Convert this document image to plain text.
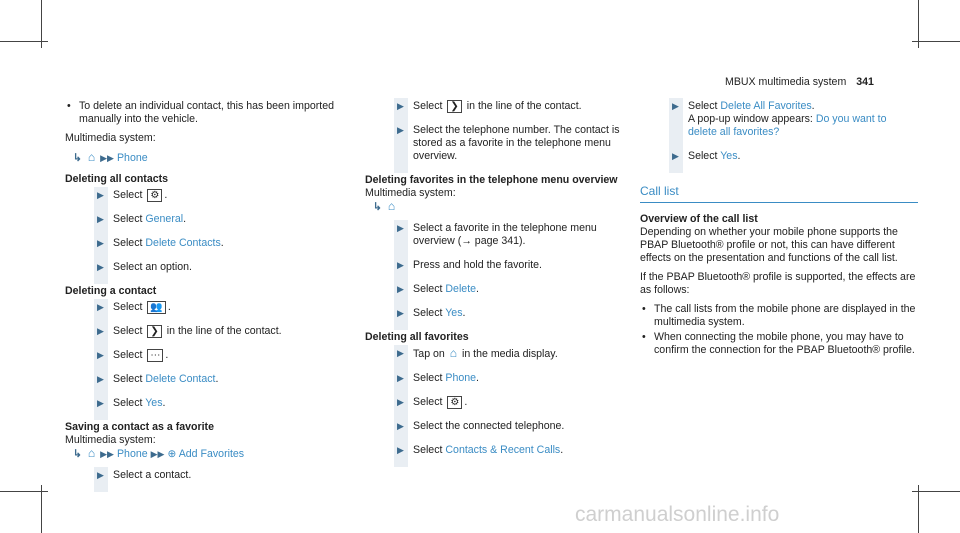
MBUX multimedia system 341
• To delete an individual contact, this has been imported manually into the vehicle.
Multimedia system:
↳ ⌂ ▶▶ Phone
Deleting all contacts
▶ Select ⚙ .
▶ Select General.
▶ Select Delete Contacts.
▶ Select an option.
Deleting a contact
▶ Select 👥 .
▶ Select ❯ in the line of the contact.
▶ Select ⋯ .
▶ Select Delete Contact.
▶ Select Yes.
Saving a contact as a favorite
Multimedia system:
↳ ⌂ ▶▶ Phone ▶▶ ⊕ Add Favorites
▶ Select a contact.
▶ Select ❯ in the line of the contact.
▶ Select the telephone number. The contact is stored as a favorite in the telephone menu overview.
Deleting favorites in the telephone menu overview
Multimedia system:
↳ ⌂
▶ Select a favorite in the telephone menu overview (→ page 341).
▶ Press and hold the favorite.
▶ Select Delete.
▶ Select Yes.
Deleting all favorites
▶ Tap on ⌂ in the media display.
▶ Select Phone.
▶ Select ⚙ .
▶ Select the connected telephone.
▶ Select Contacts & Recent Calls.
▶ Select Delete All Favorites.
A pop-up window appears: Do you want to delete all favorites?
▶ Select Yes.
Call list
Overview of the call list
Depending on whether your mobile phone supports the PBAP Bluetooth® profile or not, this can have different effects on the presentation and functions of the call list.
If the PBAP Bluetooth® profile is supported, the effects are as follows:
• The call lists from the mobile phone are displayed in the multimedia system.
• When connecting the mobile phone, you may have to confirm the connection for the PBAP Bluetooth® profile.
carmanualsonline.info
